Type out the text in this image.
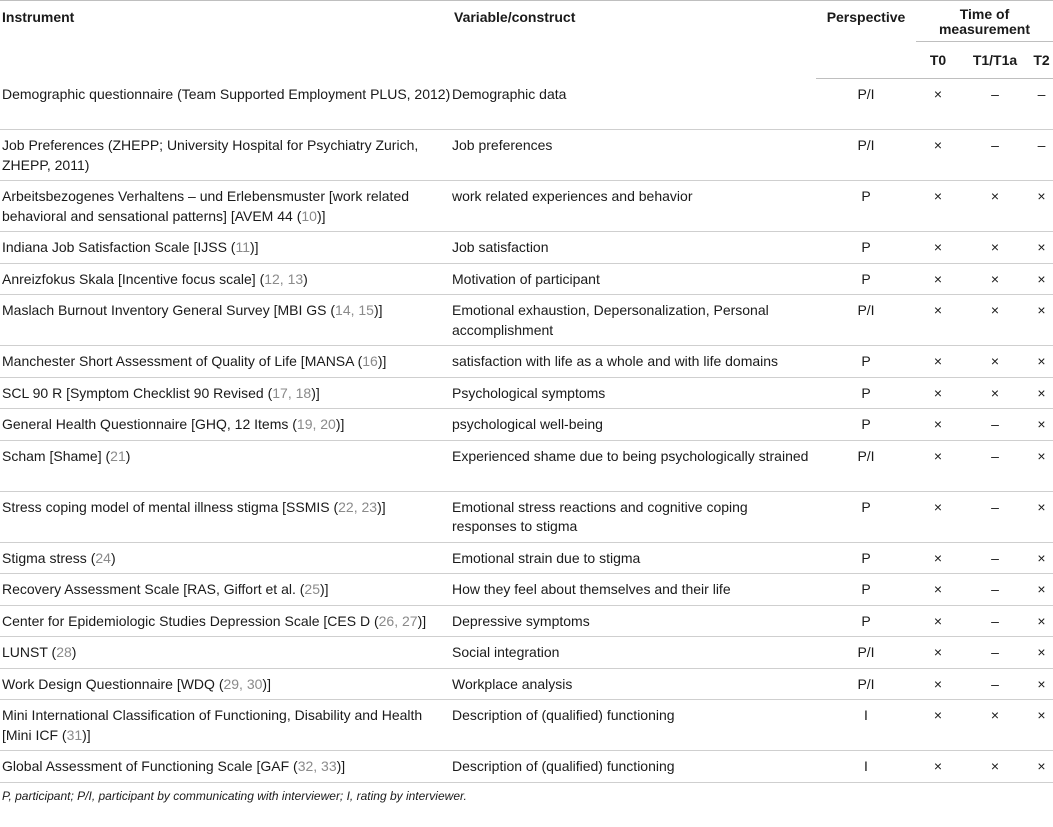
Instrument	Variable/construct	Perspective	Time of
measurement		

			T0	T1/T1a	T2
Demographic questionnaire (Team Supported Employment PLUS, 2012)	Demographic data	P/I	×	–	–
Job Preferences (ZHEPP; University Hospital for Psychiatry Zurich, ZHEPP, 2011)	Job preferences	P/I	×	–	–
Arbeitsbezogenes Verhaltens – und Erlebensmuster [work related behavioral and sensational patterns] [AVEM 44 (10)]	work related experiences and behavior	P	×	×	×
Indiana Job Satisfaction Scale [IJSS (11)]	Job satisfaction	P	×	×	×
Anreizfokus Skala [Incentive focus scale] (12, 13)	Motivation of participant	P	×	×	×
Maslach Burnout Inventory General Survey [MBI GS (14, 15)]	Emotional exhaustion, Depersonalization, Personal accomplishment	P/I	×	×	×
Manchester Short Assessment of Quality of Life [MANSA (16)]	satisfaction with life as a whole and with life domains	P	×	×	×
SCL 90 R [Symptom Checklist 90 Revised (17, 18)]	Psychological symptoms	P	×	×	×
General Health Questionnaire [GHQ, 12 Items (19, 20)]	psychological well-being	P	×	–	×
Scham [Shame] (21)	Experienced shame due to being psychologically strained	P/I	×	–	×
Stress coping model of mental illness stigma [SSMIS (22, 23)]	Emotional stress reactions and cognitive coping responses to stigma	P	×	–	×
Stigma stress (24)	Emotional strain due to stigma	P	×	–	×
Recovery Assessment Scale [RAS, Giffort et al. (25)]	How they feel about themselves and their life	P	×	–	×
Center for Epidemiologic Studies Depression Scale [CES D (26, 27)]	Depressive symptoms	P	×	–	×
LUNST (28)	Social integration	P/I	×	–	×
Work Design Questionnaire [WDQ (29, 30)]	Workplace analysis	P/I	×	–	×
Mini International Classification of Functioning, Disability and Health [Mini ICF (31)]	Description of (qualified) functioning	I	×	×	×
Global Assessment of Functioning Scale [GAF (32, 33)]	Description of (qualified) functioning	I	×	×	×
P, participant; P/I, participant by communicating with interviewer; I, rating by interviewer.
